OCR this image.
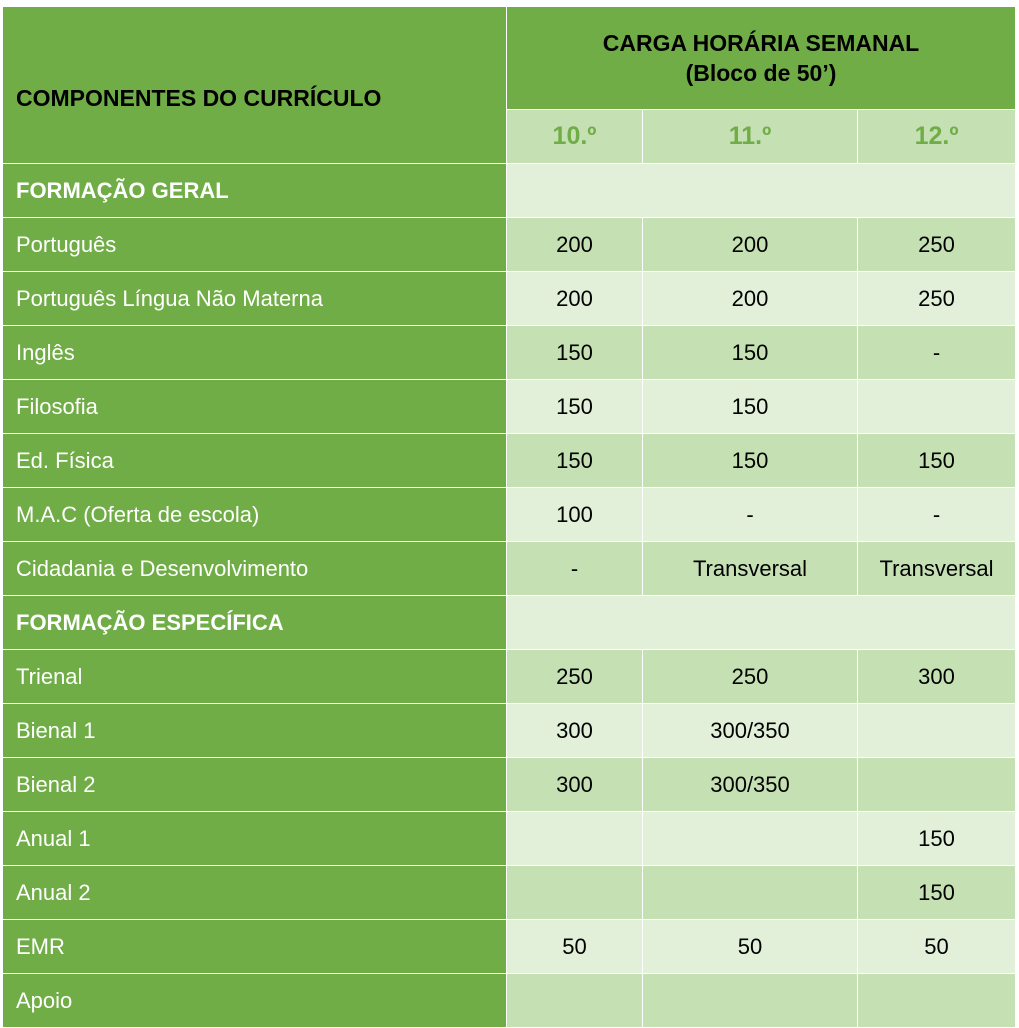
COMPONENTES DO CURRÍCULO	CARGA HORÁRIA SEMANAL
(Bloco de 50’)		

	10.º	11.º	12.º
FORMAÇÃO GERAL			
Português	200	200	250
Português Língua Não Materna	200	200	250
Inglês	150	150	-
Filosofia	150	150	
Ed. Física	150	150	150
M.A.C (Oferta de escola)	100	-	-
Cidadania e Desenvolvimento	-	Transversal	Transversal
FORMAÇÃO ESPECÍFICA			
Trienal	250	250	300
Bienal 1	300	300/350	
Bienal 2	300	300/350	
Anual 1			150
Anual 2			150
EMR	50	50	50
Apoio			
